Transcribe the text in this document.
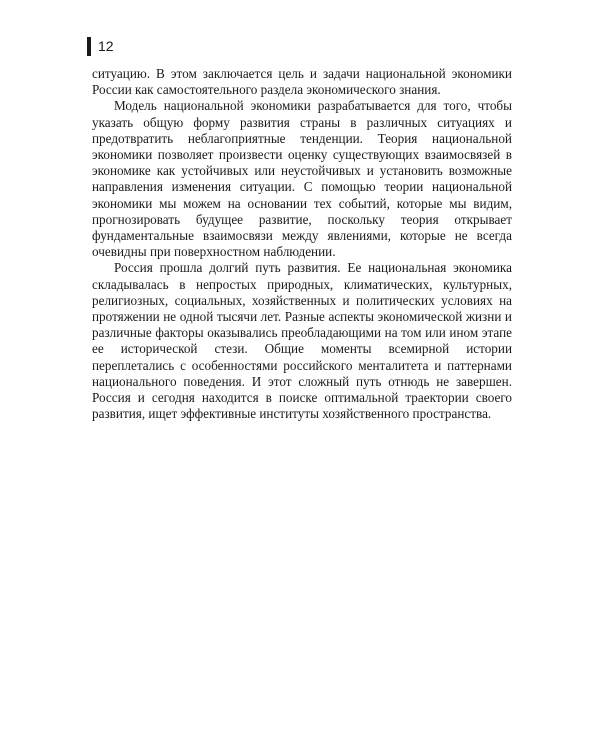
12

ситуацию. В этом заключается цель и задачи национальной экономики России как самостоятельного раздела экономического знания.

Модель национальной экономики разрабатывается для того, чтобы указать общую форму развития страны в различных ситуациях и предотвратить неблагоприятные тенденции. Теория национальной экономики позволяет произвести оценку существующих взаимосвязей в экономике как устойчивых или неустойчивых и установить возможные направления изменения ситуации. С помощью теории национальной экономики мы можем на основании тех событий, которые мы видим, прогнозировать будущее развитие, поскольку теория открывает фундаментальные взаимосвязи между явлениями, которые не всегда очевидны при поверхностном наблюдении.

Россия прошла долгий путь развития. Ее национальная экономика складывалась в непростых природных, климатических, культурных, религиозных, социальных, хозяйственных и политических условиях на протяжении не одной тысячи лет. Разные аспекты экономической жизни и различные факторы оказывались преобладающими на том или ином этапе ее исторической стези. Общие моменты всемирной истории переплетались с особенностями российского менталитета и паттернами национального поведения. И этот сложный путь отнюдь не завершен. Россия и сегодня находится в поиске оптимальной траектории своего развития, ищет эффективные институты хозяйственного пространства.
